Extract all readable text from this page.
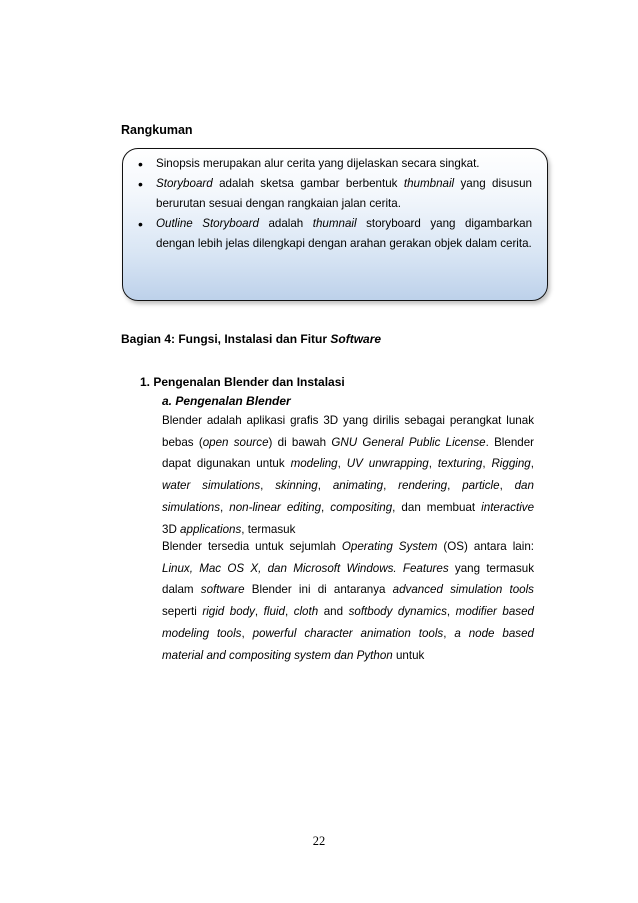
Rangkuman
• Sinopsis merupakan alur cerita yang dijelaskan secara singkat.
• Storyboard adalah sketsa gambar berbentuk thumbnail yang disusun berurutan sesuai dengan rangkaian jalan cerita.
• Outline Storyboard adalah thumnail storyboard yang digambarkan dengan lebih jelas dilengkapi dengan arahan gerakan objek dalam cerita.
Bagian 4: Fungsi, Instalasi dan Fitur Software
1. Pengenalan Blender dan Instalasi
a. Pengenalan Blender

Blender adalah aplikasi grafis 3D yang dirilis sebagai perangkat lunak bebas (open source) di bawah GNU General Public License. Blender dapat digunakan untuk modeling, UV unwrapping, texturing, Rigging, water simulations, skinning, animating, rendering, particle, dan simulations, non-linear editing, compositing, dan membuat interactive 3D applications, termasuk

Blender tersedia untuk sejumlah Operating System (OS) antara lain: Linux, Mac OS X, dan Microsoft Windows. Features yang termasuk dalam software Blender ini di antaranya advanced simulation tools seperti rigid body, fluid, cloth and softbody dynamics, modifier based modeling tools, powerful character animation tools, a node based material and compositing system dan Python untuk

22
